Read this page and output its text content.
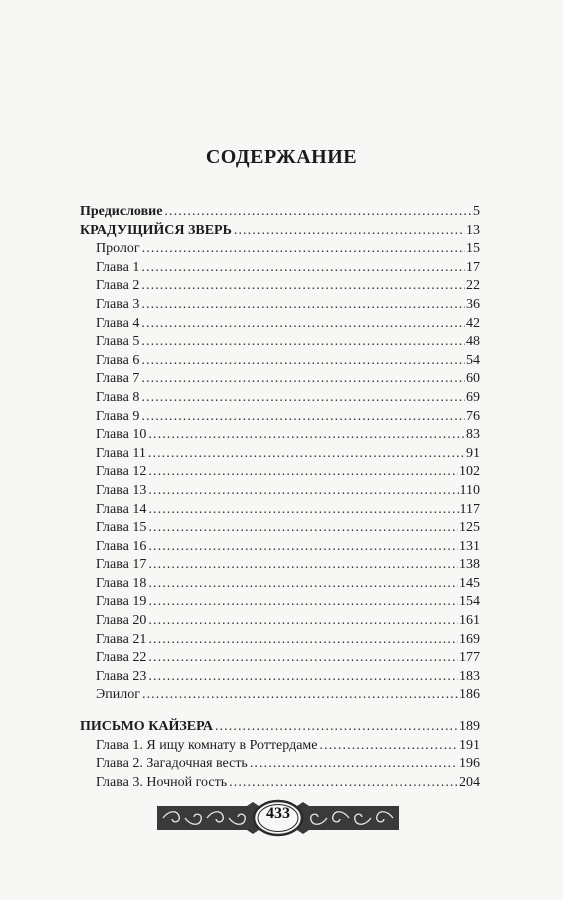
СОДЕРЖАНИЕ
Предисловие . . .	5
КРАДУЩИЙСЯ ЗВЕРЬ . . .	13
Пролог . . .	15
Глава 1 . . .	17
Глава 2 . . .	22
Глава 3 . . .	36
Глава 4 . . .	42
Глава 5 . . .	48
Глава 6 . . .	54
Глава 7 . . .	60
Глава 8 . . .	69
Глава 9 . . .	76
Глава 10 . . .	83
Глава 11 . . .	91
Глава 12 . . .	102
Глава 13 . . .	110
Глава 14 . . .	117
Глава 15 . . .	125
Глава 16 . . .	131
Глава 17 . . .	138
Глава 18 . . .	145
Глава 19 . . .	154
Глава 20 . . .	161
Глава 21 . . .	169
Глава 22 . . .	177
Глава 23 . . .	183
Эпилог . . .	186
ПИСЬМО КАЙЗЕРА . . .	189
Глава 1. Я ищу комнату в Роттердаме . . .	191
Глава 2. Загадочная весть . . .	196
Глава 3. Ночной гость . . .	204
433
